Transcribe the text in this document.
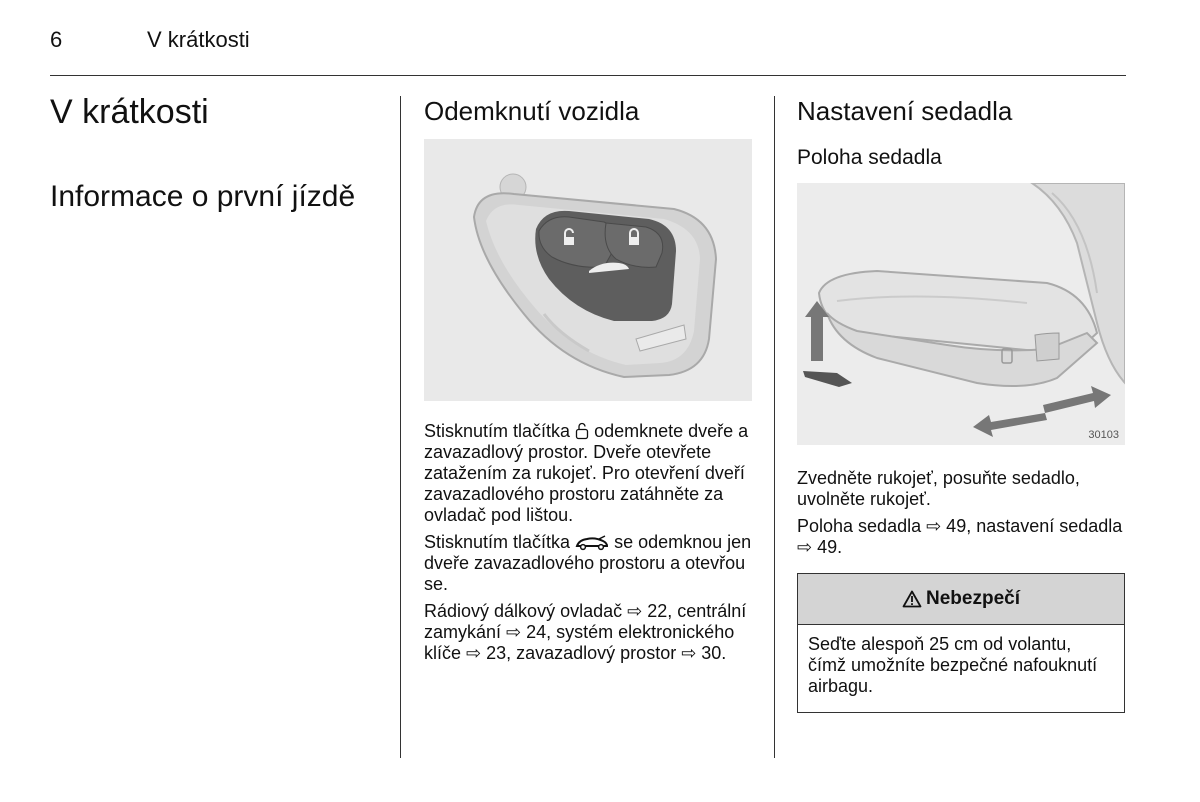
6	V krátkosti
V krátkosti
Informace o první jízdě
Odemknutí vozidla

Stisknutím tlačítka  odemknete dveře a zavazadlový prostor. Dveře otevřete zatažením za rukojeť. Pro otevření dveří zavazadlového prostoru zatáhněte za ovladač pod lištou.

Stisknutím tlačítka  se odemknou jen dveře zavazadlového prostoru a otevřou se.

Rádiový dálkový ovladač ⇨ 22, centrální zamykání ⇨ 24, systém elektronického klíče ⇨ 23, zavazadlový prostor ⇨ 30.

Nastavení sedadla
Poloha sedadla
30103

Zvedněte rukojeť, posuňte sedadlo, uvolněte rukojeť.

Poloha sedadla ⇨ 49, nastavení sedadla ⇨ 49.

Nebezpečí
Seďte alespoň 25 cm od volantu, čímž umožníte bezpečné nafouknutí airbagu.
